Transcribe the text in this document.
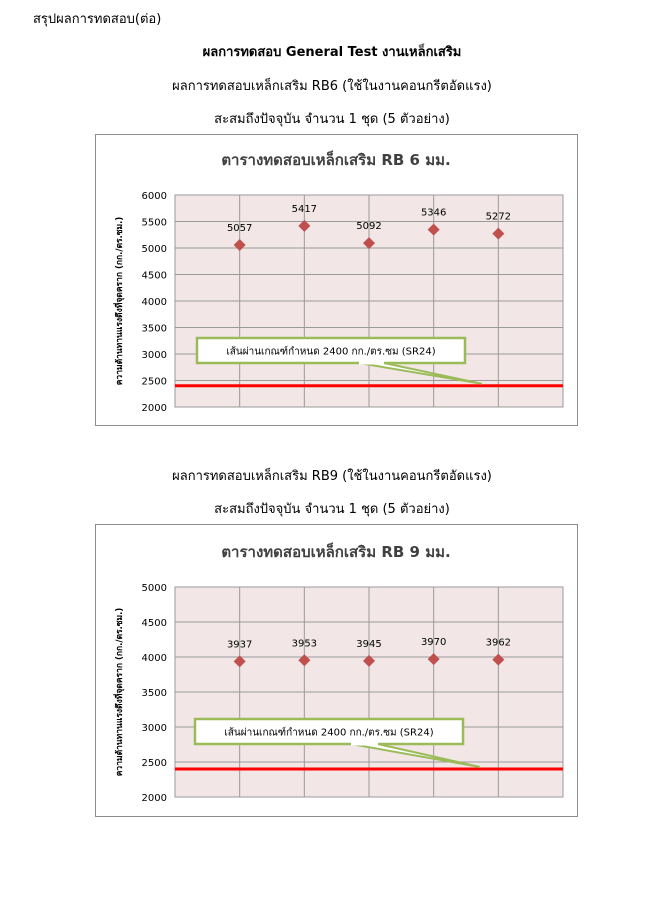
สรุปผลการทดสอบ(ต่อ)
ผลการทดสอบ General Test งานเหล็กเสริม
ผลการทดสอบเหล็กเสริม RB6 (ใช้ในงานคอนกรีตอัดแรง)
สะสมถึงปัจจุบัน จำนวน 1 ชุด (5 ตัวอย่าง)
ตารางทดสอบเหล็กเสริม RB 6 มม.
2000
2500
3000
3500
4000
4500
5000
5500
6000
ความต้านทานแรงดึงที่จุดคราก (กก./ตร.ซม.)	5057
5417
5092
5346	5272
เส้นผ่านเกณฑ์กำหนด 2400 กก./ตร.ซม (SR24)
ผลการทดสอบเหล็กเสริม RB9 (ใช้ในงานคอนกรีตอัดแรง)
สะสมถึงปัจจุบัน จำนวน 1 ชุด (5 ตัวอย่าง)
ตารางทดสอบเหล็กเสริม RB 9 มม.
2000
2500
3000
3500
4000
4500
5000
ความต้านทานแรงดึงที่จุดคราก (กก./ตร.ซม.)	3937	3953	3945	3970	3962
เส้นผ่านเกณฑ์กำหนด 2400 กก./ตร.ซม (SR24)
